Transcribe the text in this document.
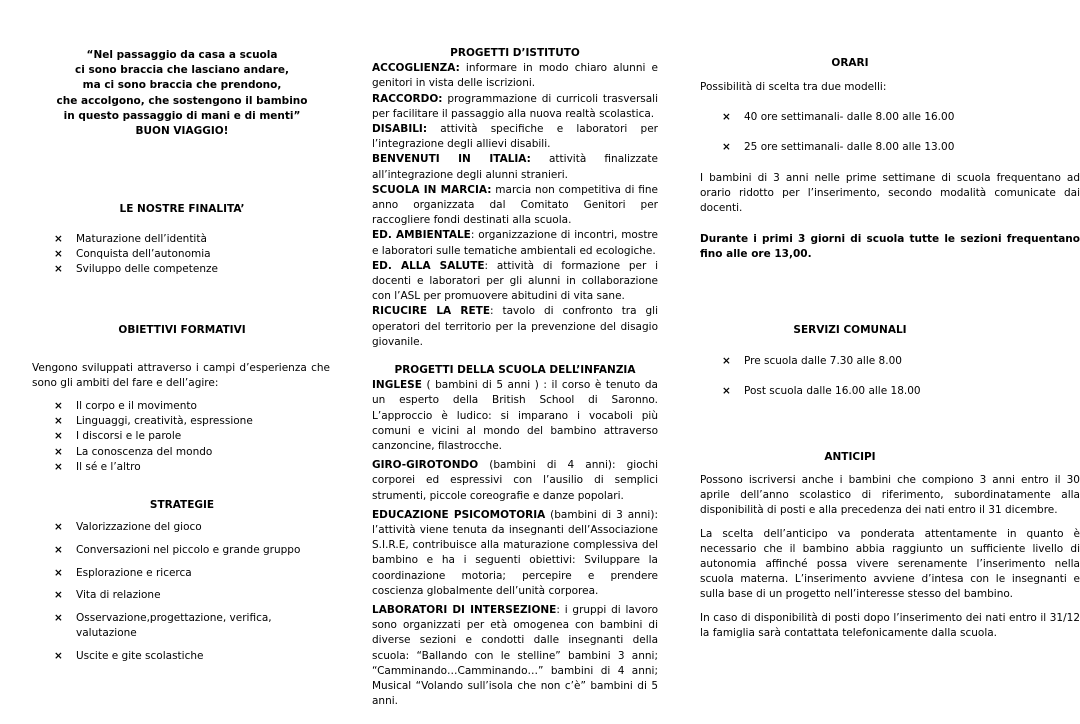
“Nel passaggio da casa a scuola
ci sono braccia che lasciano andare,
ma ci sono braccia che prendono,
che accolgono, che sostengono il bambino
in questo passaggio di mani e di menti”
BUON VIAGGIO!
LE NOSTRE FINALITA’
× Maturazione dell’identità
× Conquista dell’autonomia
× Sviluppo delle competenze
OBIETTIVI FORMATIVI

Vengono sviluppati attraverso i campi d’esperienza che sono gli ambiti del fare e dell’agire:

× Il corpo e il movimento
× Linguaggi, creatività, espressione
× I discorsi e le parole
× La conoscenza del mondo
× Il sé e l’altro
STRATEGIE
× Valorizzazione del gioco
× Conversazioni nel piccolo e grande gruppo
× Esplorazione e ricerca
× Vita di relazione
× Osservazione,progettazione, verifica, valutazione
× Uscite e gite scolastiche
PROGETTI D’ISTITUTO

ACCOGLIENZA: informare in modo chiaro alunni e genitori in vista delle iscrizioni.

RACCORDO: programmazione di curricoli trasversali per facilitare il passaggio alla nuova realtà scolastica.

DISABILI: attività specifiche e laboratori per l’integrazione degli allievi disabili.

BENVENUTI IN ITALIA: attività finalizzate all’integrazione degli alunni stranieri.

SCUOLA IN MARCIA: marcia non competitiva di fine anno organizzata dal Comitato Genitori per raccogliere fondi destinati alla scuola.

ED. AMBIENTALE: organizzazione di incontri, mostre e laboratori sulle tematiche ambientali ed ecologiche.

ED. ALLA SALUTE: attività di formazione per i docenti e laboratori per gli alunni in collaborazione con l’ASL per promuovere abitudini di vita sane.

RICUCIRE LA RETE: tavolo di confronto tra gli operatori del territorio per la prevenzione del disagio giovanile.

PROGETTI DELLA SCUOLA DELL’INFANZIA

INGLESE ( bambini di 5 anni ) : il corso è tenuto da un esperto della British School di Saronno. L’approccio è ludico: si imparano i vocaboli più comuni e vicini al mondo del bambino attraverso canzoncine, filastrocche.

GIRO-GIROTONDO (bambini di 4 anni): giochi corporei ed espressivi con l’ausilio di semplici strumenti, piccole coreografie e danze popolari.

EDUCAZIONE PSICOMOTORIA (bambini di 3 anni): l’attività viene tenuta da insegnanti dell’Associazione S.I.R.E, contribuisce alla maturazione complessiva del bambino e ha i seguenti obiettivi: Sviluppare la coordinazione motoria; percepire e prendere coscienza globalmente dell’unità corporea.

LABORATORI DI INTERSEZIONE: i gruppi di lavoro sono organizzati per età omogenea con bambini di diverse sezioni e condotti dalle insegnanti della scuola: “Ballando con le stelline” bambini 3 anni; “Camminando…Camminando…” bambini di 4 anni; Musical “Volando sull’isola che non c’è” bambini di 5 anni.

ORARI

Possibilità di scelta tra due modelli:

× 40 ore settimanali- dalle 8.00 alle 16.00
× 25 ore settimanali- dalle 8.00 alle 13.00

I bambini di 3 anni nelle prime settimane di scuola frequentano ad orario ridotto per l’inserimento, secondo modalità comunicate dai docenti.

Durante i primi 3 giorni di scuola tutte le sezioni frequentano fino alle ore 13,00.

SERVIZI COMUNALI
× Pre scuola dalle 7.30 alle 8.00
× Post scuola dalle 16.00 alle 18.00
ANTICIPI

Possono iscriversi anche i bambini che compiono 3 anni entro il 30 aprile dell’anno scolastico di riferimento, subordinatamente alla disponibilità di posti e alla precedenza dei nati entro il 31 dicembre.

La scelta dell’anticipo va ponderata attentamente in quanto è necessario che il bambino abbia raggiunto un sufficiente livello di autonomia affinché possa vivere serenamente l’inserimento nella scuola materna. L’inserimento avviene d’intesa con le insegnanti e sulla base di un progetto nell’interesse stesso del bambino.

In caso di disponibilità di posti dopo l’inserimento dei nati entro il 31/12 la famiglia sarà contattata telefonicamente dalla scuola.
